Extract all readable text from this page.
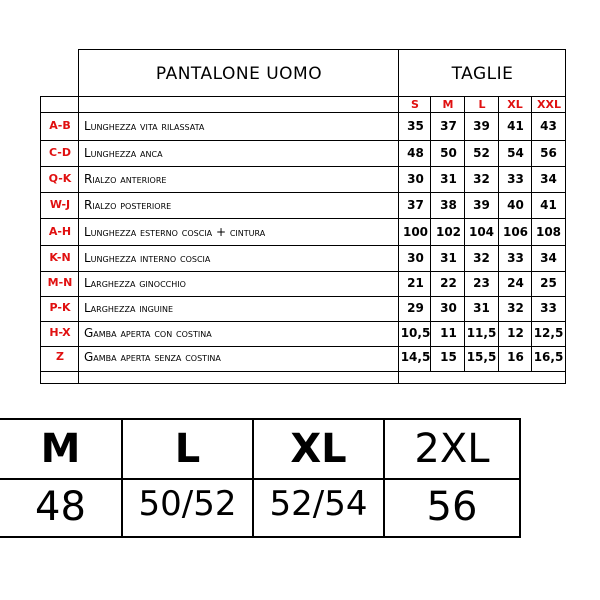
PANTALONE UOMO	TAGLIE
S	M	L	XL	XXL
A-B	Lunghezza vita rilassata	35	37	39	41	43
C-D	Lunghezza anca	48	50	52	54	56
Q-K	Rialzo anteriore	30	31	32	33	34
W-J	Rialzo posteriore	37	38	39	40	41
A-H	Lunghezza esterno coscia + cintura	100 102 104 106 108
K-N	Lunghezza interno coscia	30	31	32	33	34
M-N Larghezza ginocchio	21	22	23	24	25
P-K	Larghezza inguine	29	30	31	32	33
H-X	Gamba aperta con costina	10,5 11 11,5 12 12,5
Z	Gamba aperta senza costina	14,5 15 15,5 16 16,5
M	L	XL	2XL
48	50/52 52/54	56
